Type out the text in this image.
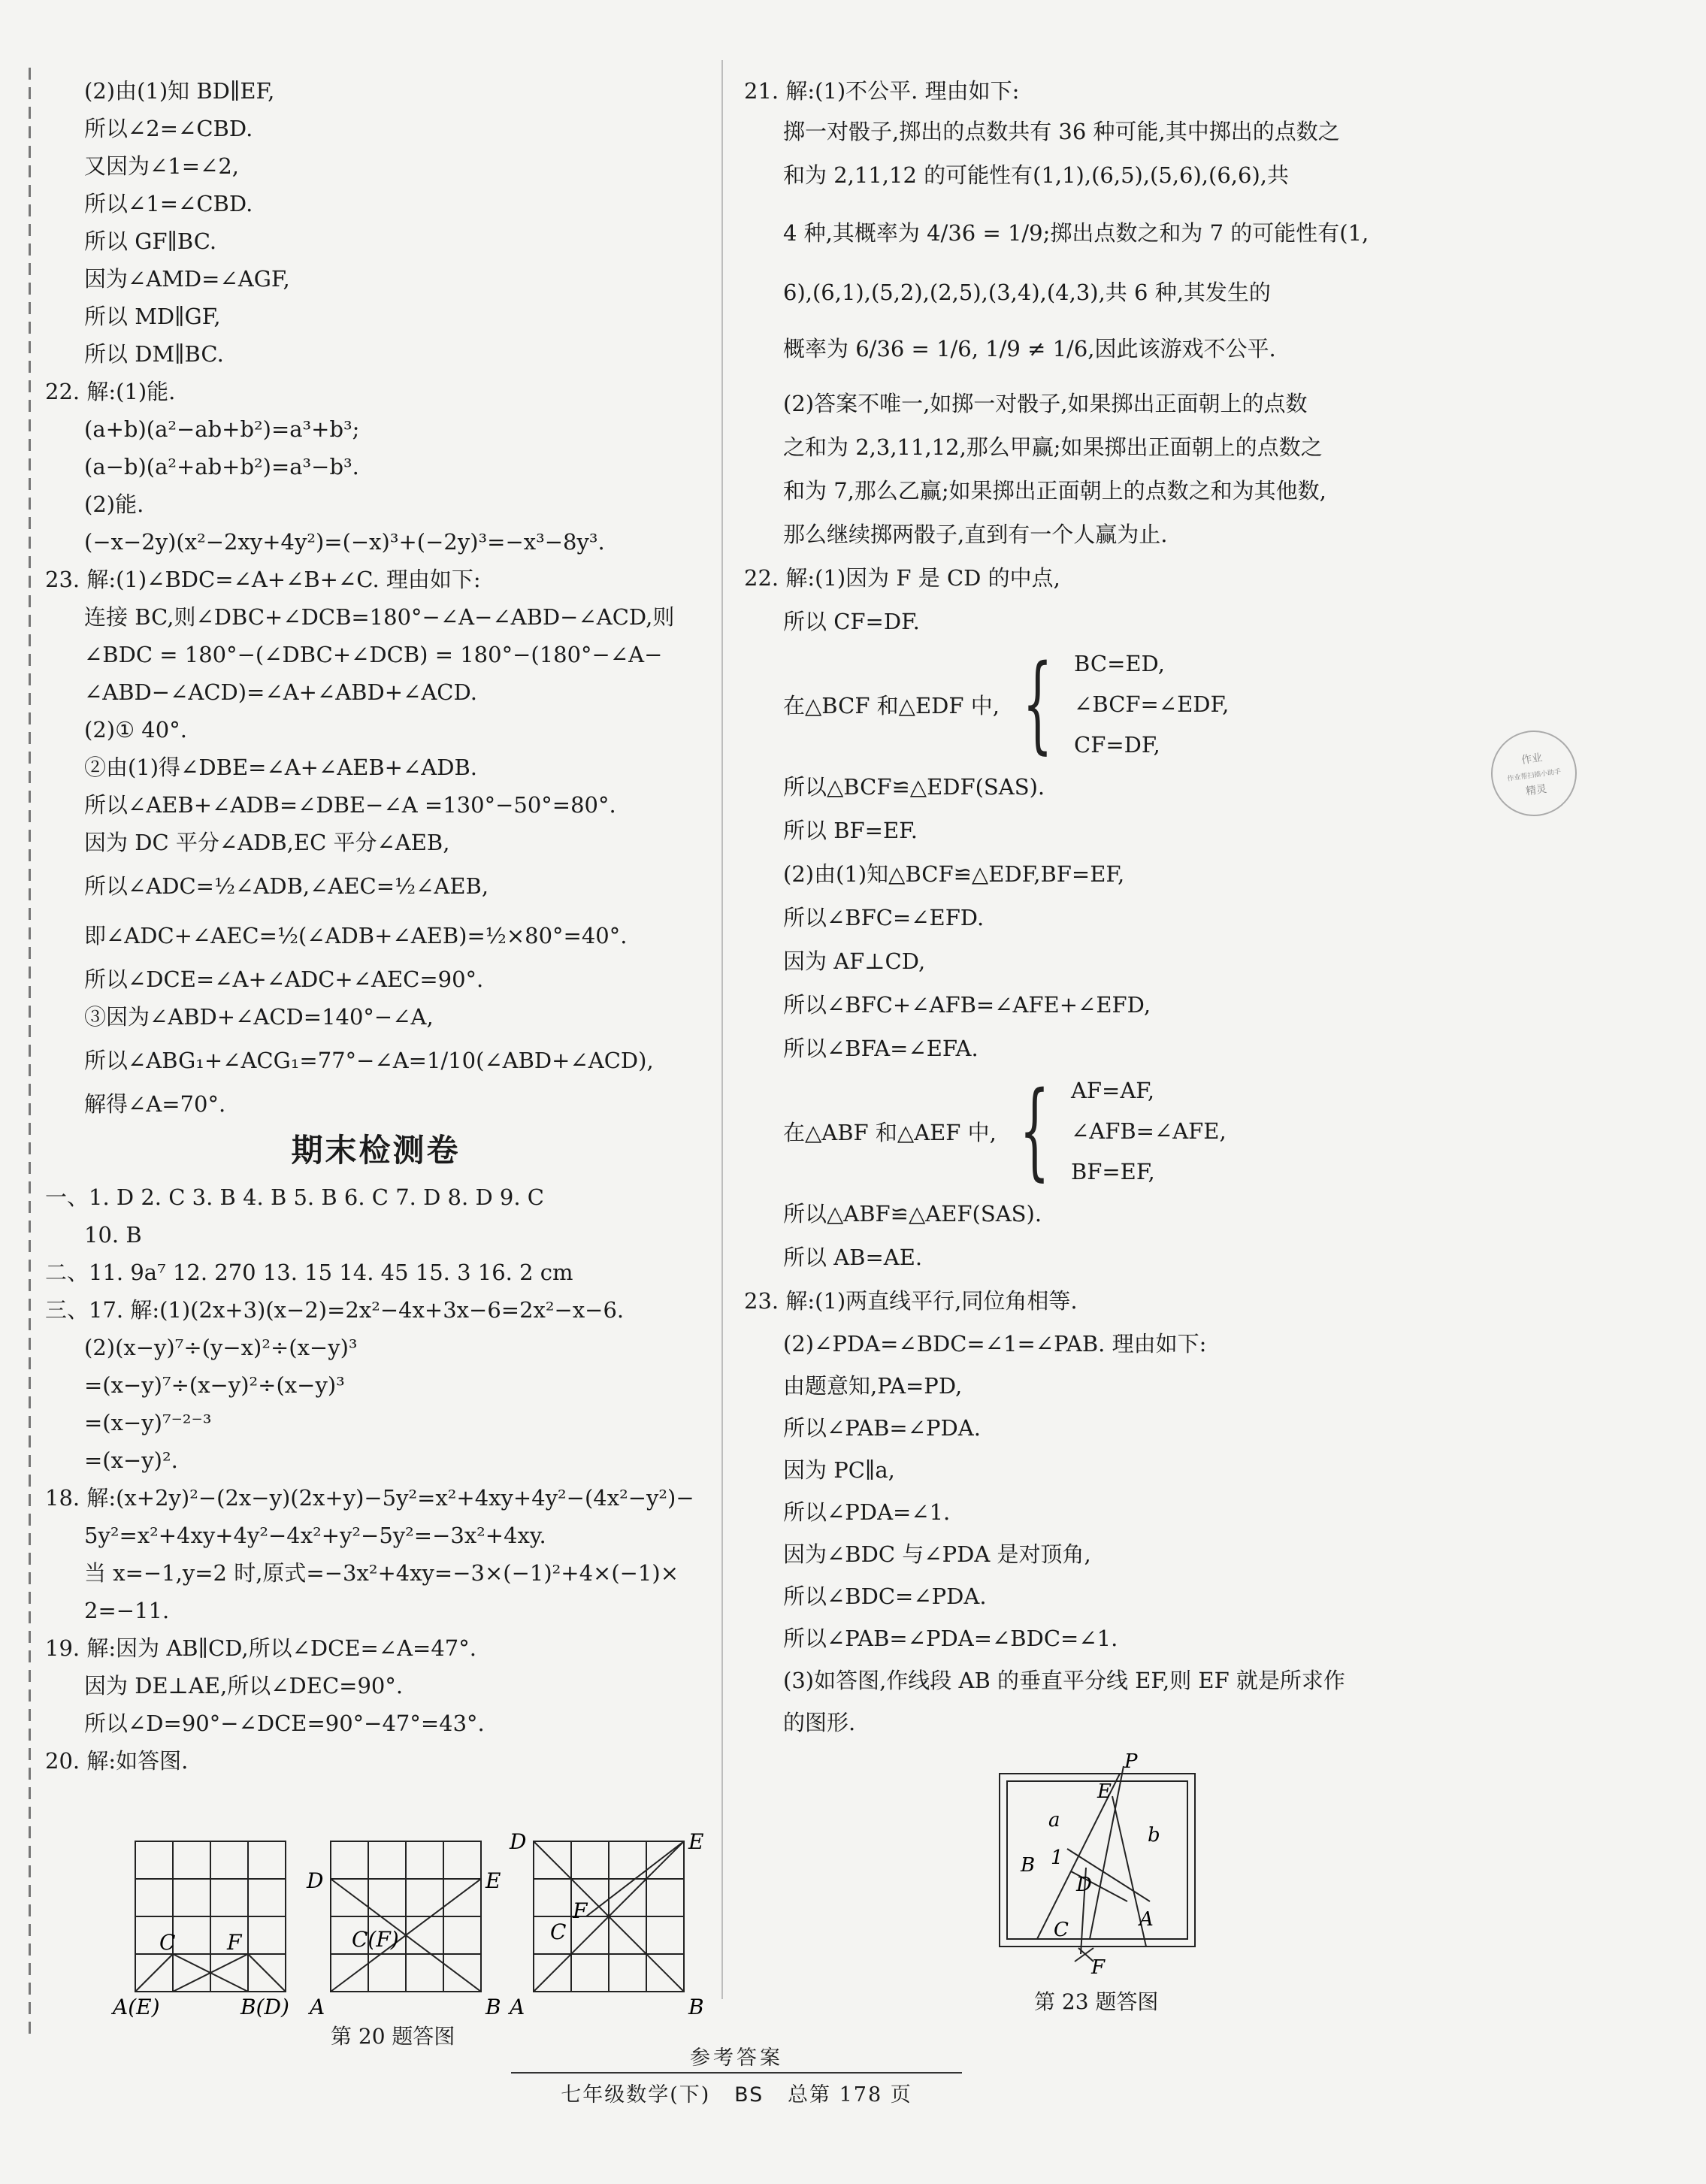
(2)由(1)知 BD∥EF,
所以∠2=∠CBD.
又因为∠1=∠2,
所以∠1=∠CBD.
所以 GF∥BC.
因为∠AMD=∠AGF,
所以 MD∥GF,
所以 DM∥BC.
22. 解:(1)能.
(a+b)(a²−ab+b²)=a³+b³;
(a−b)(a²+ab+b²)=a³−b³.
(2)能.
(−x−2y)(x²−2xy+4y²)=(−x)³+(−2y)³=−x³−8y³.
23. 解:(1)∠BDC=∠A+∠B+∠C. 理由如下:
连接 BC,则∠DBC+∠DCB=180°−∠A−∠ABD−∠ACD,则
∠BDC = 180°−(∠DBC+∠DCB) = 180°−(180°−∠A−
∠ABD−∠ACD)=∠A+∠ABD+∠ACD.
(2)① 40°.
②由(1)得∠DBE=∠A+∠AEB+∠ADB.
所以∠AEB+∠ADB=∠DBE−∠A =130°−50°=80°.
因为 DC 平分∠ADB,EC 平分∠AEB,
所以∠ADC=½∠ADB,∠AEC=½∠AEB,
即∠ADC+∠AEC=½(∠ADB+∠AEB)=½×80°=40°.
所以∠DCE=∠A+∠ADC+∠AEC=90°.
③因为∠ABD+∠ACD=140°−∠A,
所以∠ABG₁+∠ACG₁=77°−∠A=1/10(∠ABD+∠ACD),
解得∠A=70°.
期末检测卷
一、1. D 2. C 3. B 4. B 5. B 6. C 7. D 8. D 9. C
10. B
二、11. 9a⁷ 12. 270 13. 15 14. 45 15. 3 16. 2 cm
三、17. 解:(1)(2x+3)(x−2)=2x²−4x+3x−6=2x²−x−6.
(2)(x−y)⁷÷(y−x)²÷(x−y)³
=(x−y)⁷÷(x−y)²÷(x−y)³
=(x−y)⁷⁻²⁻³
=(x−y)².
18. 解:(x+2y)²−(2x−y)(2x+y)−5y²=x²+4xy+4y²−(4x²−y²)−
5y²=x²+4xy+4y²−4x²+y²−5y²=−3x²+4xy.
当 x=−1,y=2 时,原式=−3x²+4xy=−3×(−1)²+4×(−1)×
2=−11.
19. 解:因为 AB∥CD,所以∠DCE=∠A=47°.
因为 DE⊥AE,所以∠DEC=90°.
所以∠D=90°−∠DCE=90°−47°=43°.
20. 解:如答图.
A(E)	B(D)
C F
D	E
C(F)
A	B
D	E
C
F
A	B
第 20 题答图
21. 解:(1)不公平. 理由如下:
掷一对骰子,掷出的点数共有 36 种可能,其中掷出的点数之
和为 2,11,12 的可能性有(1,1),(6,5),(5,6),(6,6),共
4 种,其概率为 4/36 = 1/9;掷出点数之和为 7 的可能性有(1,
6),(6,1),(5,2),(2,5),(3,4),(4,3),共 6 种,其发生的
概率为 6/36 = 1/6, 1/9 ≠ 1/6,因此该游戏不公平.
(2)答案不唯一,如掷一对骰子,如果掷出正面朝上的点数
之和为 2,3,11,12,那么甲赢;如果掷出正面朝上的点数之
和为 7,那么乙赢;如果掷出正面朝上的点数之和为其他数,
那么继续掷两骰子,直到有一个人赢为止.
22. 解:(1)因为 F 是 CD 的中点,
所以 CF=DF.
在△BCF 和△EDF 中, { BC=ED,
∠BCF=∠EDF,
CF=DF,
所以△BCF≌△EDF(SAS).
所以 BF=EF.
(2)由(1)知△BCF≌△EDF,BF=EF,
所以∠BFC=∠EFD.
因为 AF⊥CD,
所以∠BFC+∠AFB=∠AFE+∠EFD,
所以∠BFA=∠EFA.
在△ABF 和△AEF 中, { AF=AF,
∠AFB=∠AFE,
BF=EF,
所以△ABF≌△AEF(SAS).
所以 AB=AE.
23. 解:(1)两直线平行,同位角相等.
(2)∠PDA=∠BDC=∠1=∠PAB. 理由如下:
由题意知,PA=PD,
所以∠PAB=∠PDA.
因为 PC∥a,
所以∠PDA=∠1.
因为∠BDC 与∠PDA 是对顶角,
所以∠BDC=∠PDA.
所以∠PAB=∠PDA=∠BDC=∠1.
(3)如答图,作线段 AB 的垂直平分线 EF,则 EF 就是所求作
的图形.
P
E
a
b
B 1
D
A
C
F
第 23 题答图
作业
作业帮扫描小助手
精灵
参考答案
七年级数学(下) BS 总第 178 页
